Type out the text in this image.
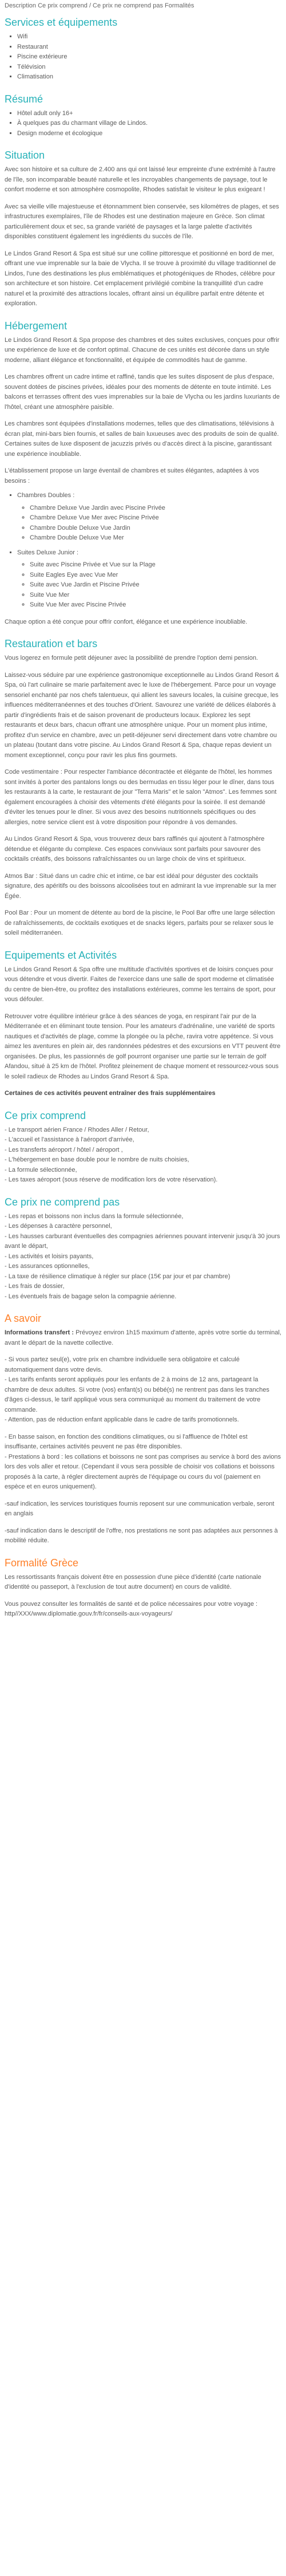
Description Ce prix comprend / Ce prix ne comprend pas Formalités

Services et équipements
▪ Wifi
▪ Restaurant
▪ Piscine extérieure
▪ Télévision
▪ Climatisation
Résumé
▪ Hôtel adult only 16+
▪ À quelques pas du charmant village de Lindos.
▪ Design moderne et écologique
Situation

Avec son histoire et sa culture de 2.400 ans qui ont laissé leur empreinte d'une extrémité à l'autre de l'île, son incomparable beauté naturelle et les incroyables changements de paysage, tout le confort moderne et son atmosphère cosmopolite, Rhodes satisfait le visiteur le plus exigeant !

Avec sa vieille ville majestueuse et étonnamment bien conservée, ses kilomètres de plages, et ses infrastructures exemplaires, l'île de Rhodes est une destination majeure en Grèce. Son climat particulièrement doux et sec, sa grande variété de paysages et la large palette d'activités disponibles constituent également les ingrédients du succès de l'île.

Le Lindos Grand Resort & Spa est situé sur une colline pittoresque et positionné en bord de mer, offrant une vue imprenable sur la baie de Vlycha. Il se trouve à proximité du village traditionnel de Lindos, l'une des destinations les plus emblématiques et photogéniques de Rhodes, célèbre pour son architecture et son histoire. Cet emplacement privilégié combine la tranquillité d'un cadre naturel et la proximité des attractions locales, offrant ainsi un équilibre parfait entre détente et exploration.

Hébergement

Le Lindos Grand Resort & Spa propose des chambres et des suites exclusives, conçues pour offrir une expérience de luxe et de confort optimal. Chacune de ces unités est décorée dans un style moderne, alliant élégance et fonctionnalité, et équipée de commodités haut de gamme.

Les chambres offrent un cadre intime et raffiné, tandis que les suites disposent de plus d'espace, souvent dotées de piscines privées, idéales pour des moments de détente en toute intimité. Les balcons et terrasses offrent des vues imprenables sur la baie de Vlycha ou les jardins luxuriants de l'hôtel, créant une atmosphère paisible.

Les chambres sont équipées d'installations modernes, telles que des climatisations, télévisions à écran plat, mini-bars bien fournis, et salles de bain luxueuses avec des produits de soin de qualité. Certaines suites de luxe disposent de jacuzzis privés ou d'accès direct à la piscine, garantissant une expérience inoubliable.

L'établissement propose un large éventail de chambres et suites élégantes, adaptées à vos besoins :

▪ Chambres Doubles :
◦ Chambre Deluxe Vue Jardin avec Piscine Privée
◦ Chambre Deluxe Vue Mer avec Piscine Privée
◦ Chambre Double Deluxe Vue Jardin
◦ Chambre Double Deluxe Vue Mer
▪ Suites Deluxe Junior :
◦ Suite avec Piscine Privée et Vue sur la Plage
◦ Suite Eagles Eye avec Vue Mer
◦ Suite avec Vue Jardin et Piscine Privée
◦ Suite Vue Mer
◦ Suite Vue Mer avec Piscine Privée

Chaque option a été conçue pour offrir confort, élégance et une expérience inoubliable.

Restauration et bars

Vous logerez en formule petit déjeuner avec la possibilité de prendre l'option demi pension.

Laissez-vous séduire par une expérience gastronomique exceptionnelle au Lindos Grand Resort & Spa, où l'art culinaire se marie parfaitement avec le luxe de l'hébergement. Parce pour un voyage sensoriel enchanté par nos chefs talentueux, qui allient les saveurs locales, la cuisine grecque, les influences méditerranéennes et des touches d'Orient. Savourez une variété de délices élaborés à partir d'ingrédients frais et de saison provenant de producteurs locaux. Explorez les sept restaurants et deux bars, chacun offrant une atmosphère unique. Pour un moment plus intime, profitez d'un service en chambre, avec un petit-déjeuner servi directement dans votre chambre ou un plateau (toutant dans votre piscine. Au Lindos Grand Resort & Spa, chaque repas devient un moment exceptionnel, conçu pour ravir les plus fins gourmets.

Code vestimentaire : Pour respecter l'ambiance décontractée et élégante de l'hôtel, les hommes sont invités à porter des pantalons longs ou des bermudas en tissu léger pour le dîner, dans tous les restaurants à la carte, le restaurant de jour "Terra Maris" et le salon "Atmos". Les femmes sont également encouragées à choisir des vêtements d'été élégants pour la soirée. Il est demandé d'éviter les tenues pour le dîner. Si vous avez des besoins nutritionnels spécifiques ou des allergies, notre service client est à votre disposition pour répondre à vos demandes.

Au Lindos Grand Resort & Spa, vous trouverez deux bars raffinés qui ajoutent à l'atmosphère détendue et élégante du complexe. Ces espaces conviviaux sont parfaits pour savourer des cocktails créatifs, des boissons rafraîchissantes ou un large choix de vins et spiritueux.

Atmos Bar : Situé dans un cadre chic et intime, ce bar est idéal pour déguster des cocktails signature, des apéritifs ou des boissons alcoolisées tout en admirant la vue imprenable sur la mer Égée.

Pool Bar : Pour un moment de détente au bord de la piscine, le Pool Bar offre une large sélection de rafraîchissements, de cocktails exotiques et de snacks légers, parfaits pour se relaxer sous le soleil méditerranéen.

Equipements et Activités

Le Lindos Grand Resort & Spa offre une multitude d'activités sportives et de loisirs conçues pour vous détendre et vous divertir. Faites de l'exercice dans une salle de sport moderne et climatisée du centre de bien-être, ou profitez des installations extérieures, comme les terrains de sport, pour vous défouler.

Retrouver votre équilibre intérieur grâce à des séances de yoga, en respirant l'air pur de la Méditerranée et en éliminant toute tension. Pour les amateurs d'adrénaline, une variété de sports nautiques et d'activités de plage, comme la plongée ou la pêche, ravira votre appétence. Si vous aimez les aventures en plein air, des randonnées pédestres et des excursions en VTT peuvent être organisées. De plus, les passionnés de golf pourront organiser une partie sur le terrain de golf Afandou, situé à 25 km de l'hôtel. Profitez pleinement de chaque moment et ressourcez-vous sous le soleil radieux de Rhodes au Lindos Grand Resort & Spa.

Certaines de ces activités peuvent entraîner des frais supplémentaires

Ce prix comprend
- Le transport aérien France / Rhodes Aller / Retour,
- L'accueil et l'assistance à l'aéroport d'arrivée,
- Les transferts aéroport / hôtel / aéroport ,
- L'hébergement en base double pour le nombre de nuits choisies,
- La formule sélectionnée,
- Les taxes aéroport (sous réserve de modification lors de votre réservation).
Ce prix ne comprend pas
- Les repas et boissons non inclus dans la formule sélectionnée,
- Les dépenses à caractère personnel,
- Les hausses carburant éventuelles des compagnies aériennes pouvant intervenir jusqu'à 30 jours avant le départ,
- Les activités et loisirs payants,
- Les assurances optionnelles,
- La taxe de résilience climatique à régler sur place (15€ par jour et par chambre)
- Les frais de dossier,
- Les éventuels frais de bagage selon la compagnie aérienne.
A savoir

Informations transfert : Prévoyez environ 1h15 maximum d'attente, après votre sortie du terminal, avant le départ de la navette collective.

- Si vous partez seul(e), votre prix en chambre individuelle sera obligatoire et calculé automatiquement dans votre devis.
- Les tarifs enfants seront appliqués pour les enfants de 2 à moins de 12 ans, partageant la chambre de deux adultes. Si votre (vos) enfant(s) ou bébé(s) ne rentrent pas dans les tranches d'âges ci-dessus, le tarif appliqué vous sera communiqué au moment du traitement de votre commande.
- Attention, pas de réduction enfant applicable dans le cadre de tarifs promotionnels.
- En basse saison, en fonction des conditions climatiques, ou si l'affluence de l'hôtel est insuffisante, certaines activités peuvent ne pas être disponibles.
- Prestations à bord : les collations et boissons ne sont pas comprises au service à bord des avions lors des vols aller et retour. (Cependant il vous sera possible de choisir vos collations et boissons proposés à la carte, à régler directement auprès de l'équipage ou cours du vol (paiement en espèce et en euros uniquement).

-sauf indication, les services touristiques fournis reposent sur une communication verbale, seront en anglais

-sauf indication dans le descriptif de l'offre, nos prestations ne sont pas adaptées aux personnes à mobilité réduite.

Formalité Grèce

Les ressortissants français doivent être en possession d'une pièce d'identité (carte nationale d'identité ou passeport, à l'exclusion de tout autre document) en cours de validité.

Vous pouvez consulter les formalités de santé et de police nécessaires pour votre voyage : http//XXX/www.diplomatie.gouv.fr/fr/conseils-aux-voyageurs/
